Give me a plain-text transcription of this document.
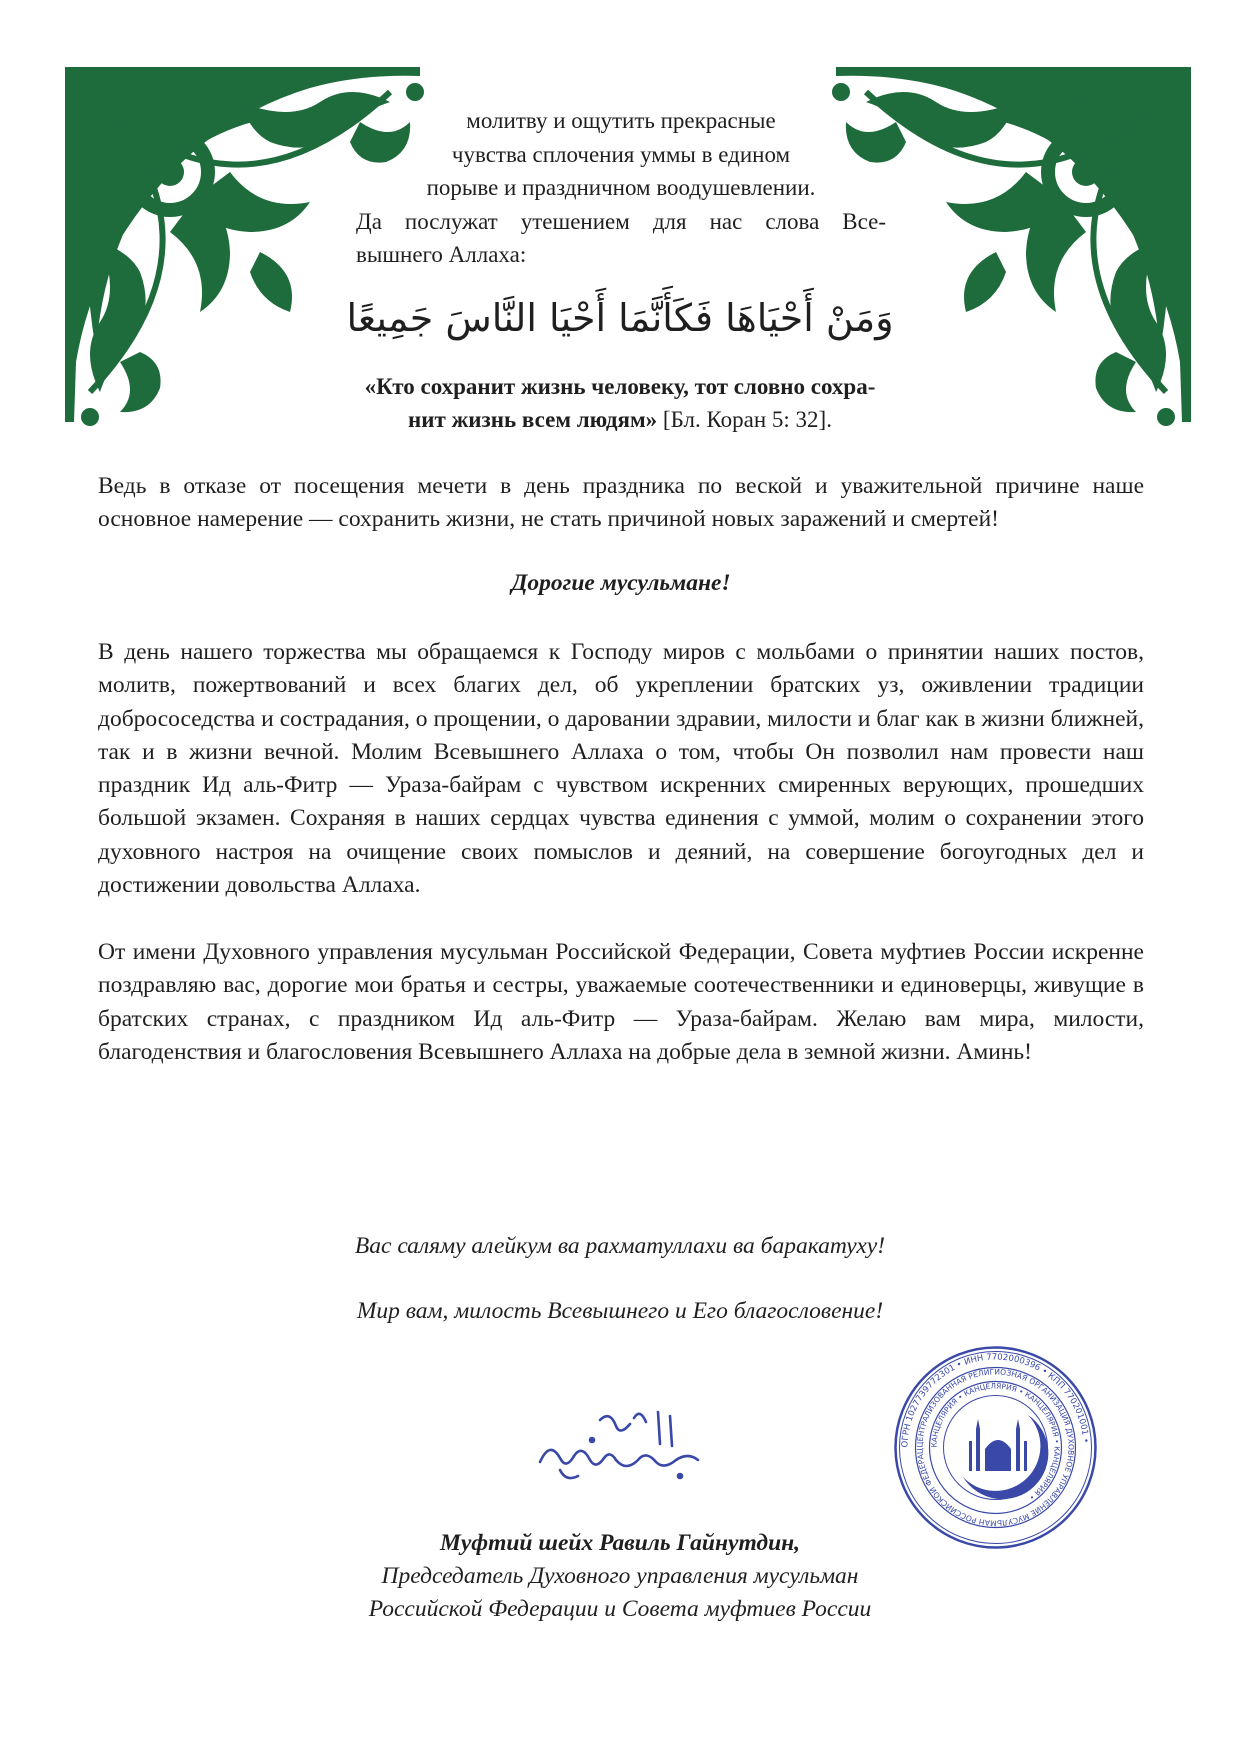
молитву и ощутить прекрасные
чувства сплочения уммы в едином
порыве и праздничном воодушевлении.
Да послужат утешением для нас слова Все-
вышнего Аллаха:

وَمَنْ أَحْيَاهَا فَكَأَنَّمَا أَحْيَا النَّاسَ جَمِيعًا

«Кто сохранит жизнь человеку, тот словно сохра-
нит жизнь всем людям» [Бл. Коран 5: 32].

Ведь в отказе от посещения мечети в день праздника по веской и уважительной причине наше основное намерение — сохранить жизни, не стать причиной новых заражений и смертей!

Дорогие мусульмане!

В день нашего торжества мы обращаемся к Господу миров с мольбами о принятии наших постов, молитв, пожертвований и всех благих дел, об укреплении братских уз, оживлении традиции добрососедства и сострадания, о прощении, о даровании здравии, милости и благ как в жизни ближней, так и в жизни вечной. Молим Всевышнего Аллаха о том, чтобы Он позволил нам провести наш праздник Ид аль-Фитр — Ураза-байрам с чувством искренних смиренных верующих, прошедших большой экзамен. Сохраняя в наших сердцах чувства единения с уммой, молим о сохранении этого духовного настроя на очищение своих помыслов и деяний, на совершение богоугодных дел и достижении довольства Аллаха.

От имени Духовного управления мусульман Российской Федерации, Совета муфтиев России искренне поздравляю вас, дорогие мои братья и сестры, уважаемые соотечественники и единоверцы, живущие в братских странах, с праздником Ид аль-Фитр — Ураза-байрам. Желаю вам мира, милости, благоденствия и благословения Всевышнего Аллаха на добрые дела в земной жизни. Аминь!

Вас саляму алейкум ва рахматуллахи ва баракатуху!

Мир вам, милость Всевышнего и Его благословение!

ОГРН 1027739772301 • ИНН 7702000396 • КПП 770201001 •
ЦЕНТРАЛИЗОВАННАЯ РЕЛИГИОЗНАЯ ОРГАНИЗАЦИЯ ДУХОВНОЕ УПРАВЛЕНИЕ МУСУЛЬМАН РОССИЙСКОЙ ФЕДЕРАЦ
КАНЦЕЛЯРИЯ • КАНЦЕЛЯРИЯ • КАНЦЕЛЯРИЯ • КАНЦЕЛЯРИЯ •
Муфтий шейх Равиль Гайнутдин,
Председатель Духовного управления мусульман
Российской Федерации и Совета муфтиев России
